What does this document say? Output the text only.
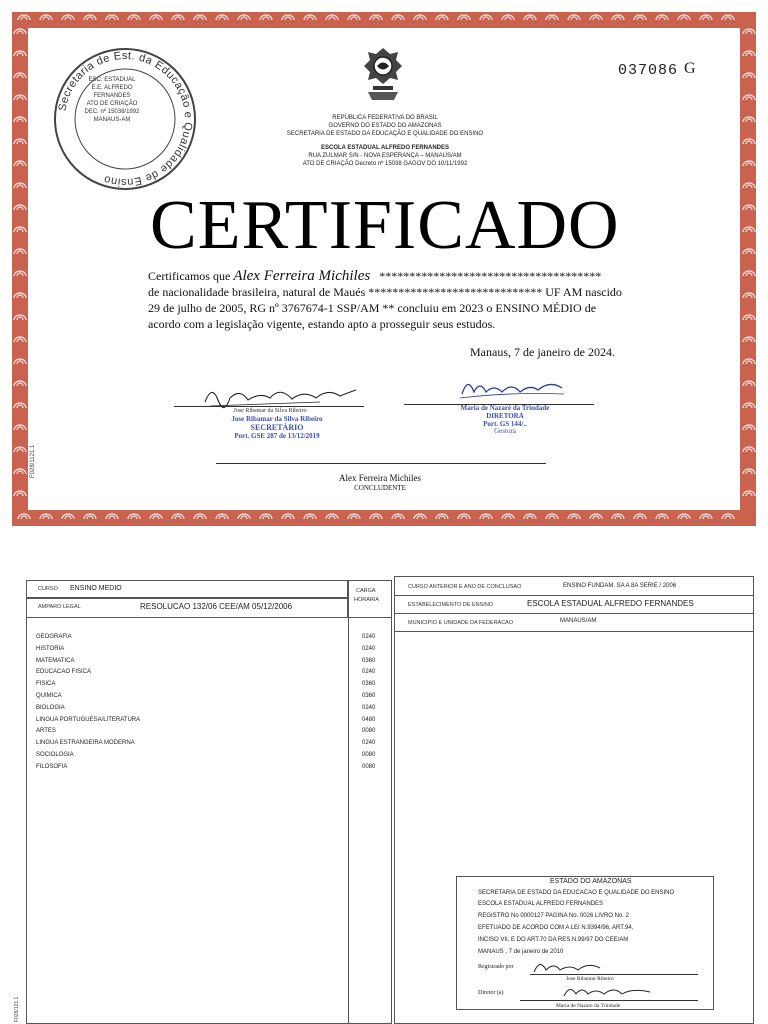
Secretaria de Est. da Educação e Qualidade de Ensino
ESC. ESTADUAL
E.E. ALFREDO
FERNANDES
ATO DE CRIAÇÃO
DEC. nº 15038/1992
MANAUS-AM
037086 G
REPÚBLICA FEDERATIVA DO BRASIL
GOVERNO DO ESTADO DO AMAZONAS
SECRETARIA DE ESTADO DA EDUCAÇÃO E QUALIDADE DO ENSINO
ESCOLA ESTADUAL ALFREDO FERNANDES
RUA ZULMAR S/N - NOVA ESPERANÇA – MANAUS/AM
ATO DE CRIAÇÃO Decreto nº 15038 GAGOV DO 10/11/1992
CERTIFICADO
Certificamos que Alex Ferreira Michiles *************************************
de nacionalidade brasileira, natural de Maués ***************************** UF AM nascido
29 de julho de 2005, RG nº 3767674-1 SSP/AM ** concluiu em 2023 o ENSINO MÉDIO de
acordo com a legislação vigente, estando apto a prosseguir seus estudos.
Manaus, 7 de janeiro de 2024.
Jose Ribamar da Silva Ribeiro
Jose Ribamar da Silva Ribeiro
SECRETÁRIO
Port. GSE 287 de 13/12/2019
Maria de Nazaré da Trindade
DIRETORA
Port. GS 144/..
Gestora
Alex Ferreira Michiles
CONCLUDENTE
F028/1121.1
CURSO ENSINO MEDIO	CARGA
HORARIA
AMPARO LEGAL	RESOLUCAO 132/06 CEE/AM 05/12/2006
GEOGRAFIA	0240
HISTORIA	0240
MATEMATICA	0360
EDUCACAO FISICA	0240
FISICA	0360
QUIMICA	0360
BIOLOGIA	0240
LINGUA PORTUGUESA/LITERATURA	0480
ARTES	0080
LINGUA ESTRANGEIRA MODERNA	0240
SOCIOLOGIA	0080
FILOSOFIA	0080
CURSO ANTERIOR E ANO DE CONCLUSAO	ENSINO FUNDAM. SA A 8A SERIE / 2006
ESTABELECIMENTO DE ENSINO	ESCOLA ESTADUAL ALFREDO FERNANDES
MUNICIPIO E UNIDADE DA FEDERACAO	MANAUS/AM
ESTADO DO AMAZONAS
SECRETARIA DE ESTADO DA EDUCACAO E QUALIDADE DO ENSINO
ESCOLA ESTADUAL ALFREDO FERNANDES
REGISTRO No 0000127 PAGINA No. 0026 LIVRO No. 2
EFETUADO DE ACORDO COM A LEI N.9394/96, ART.94,
INCISO VII, E DO ART.70 DA RES.N.99/97 DO CEE/AM
MANAUS , 7 de janeiro de 2010
Registrado por
Jose Ribamar Ribeiro
Diretor (a)
Maria de Nazare da Trindade
F028/121.1
